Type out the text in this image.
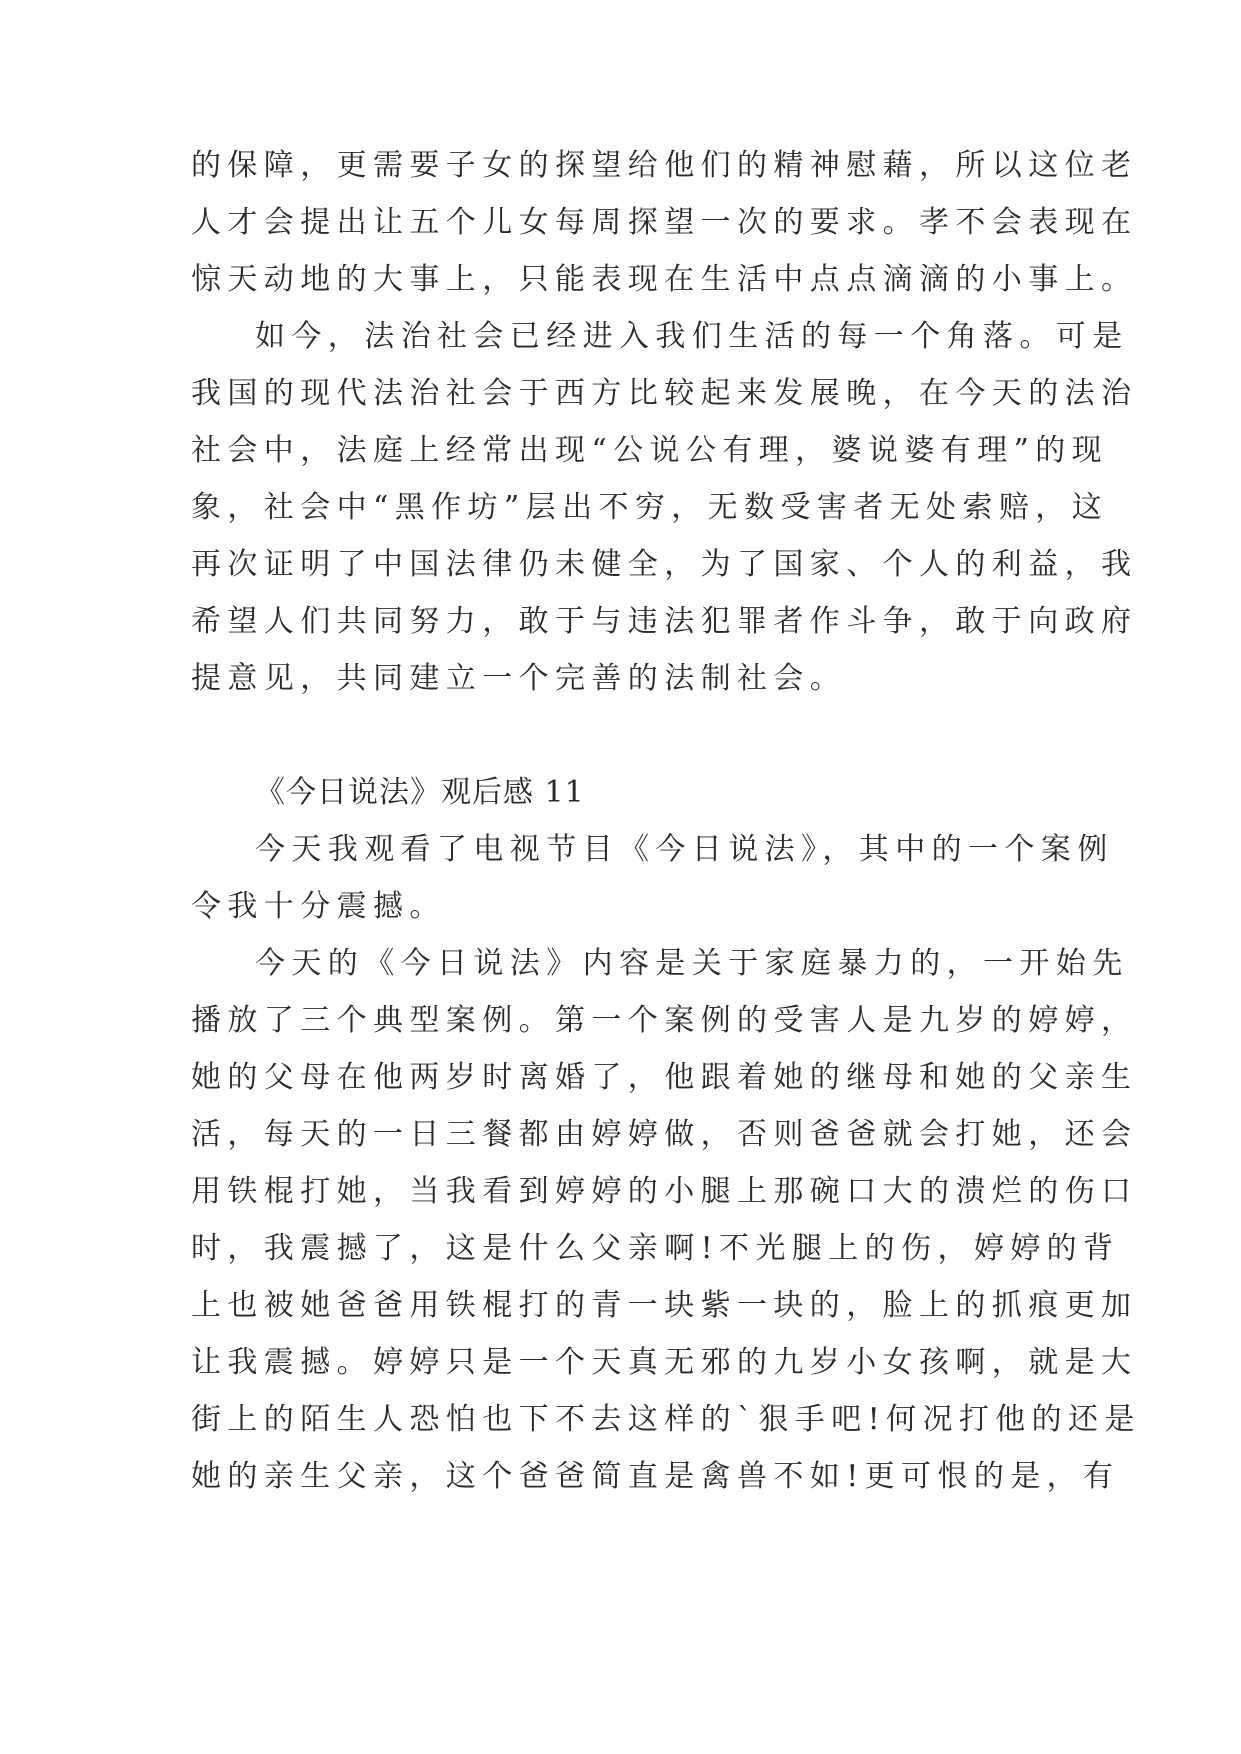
的保障，更需要子女的探望给他们的精神慰藉，所以这位老

人才会提出让五个儿女每周探望一次的要求。孝不会表现在

惊天动地的大事上，只能表现在生活中点点滴滴的小事上。

如今，法治社会已经进入我们生活的每一个角落。可是

我国的现代法治社会于西方比较起来发展晚，在今天的法治

社会中，法庭上经常出现“公说公有理，婆说婆有理”的现

象，社会中“黑作坊”层出不穷，无数受害者无处索赔，这

再次证明了中国法律仍未健全，为了国家、个人的利益，我

希望人们共同努力，敢于与违法犯罪者作斗争，敢于向政府

提意见，共同建立一个完善的法制社会。

《今日说法》观后感 11

今天我观看了电视节目《今日说法》，其中的一个案例

令我十分震撼。

今天的《今日说法》内容是关于家庭暴力的，一开始先

播放了三个典型案例。第一个案例的受害人是九岁的婷婷，

她的父母在他两岁时离婚了，他跟着她的继母和她的父亲生

活，每天的一日三餐都由婷婷做，否则爸爸就会打她，还会

用铁棍打她，当我看到婷婷的小腿上那碗口大的溃烂的伤口

时，我震撼了，这是什么父亲啊!不光腿上的伤，婷婷的背

上也被她爸爸用铁棍打的青一块紫一块的，脸上的抓痕更加

让我震撼。婷婷只是一个天真无邪的九岁小女孩啊，就是大

街上的陌生人恐怕也下不去这样的`狠手吧!何况打他的还是

她的亲生父亲，这个爸爸简直是禽兽不如!更可恨的是，有
